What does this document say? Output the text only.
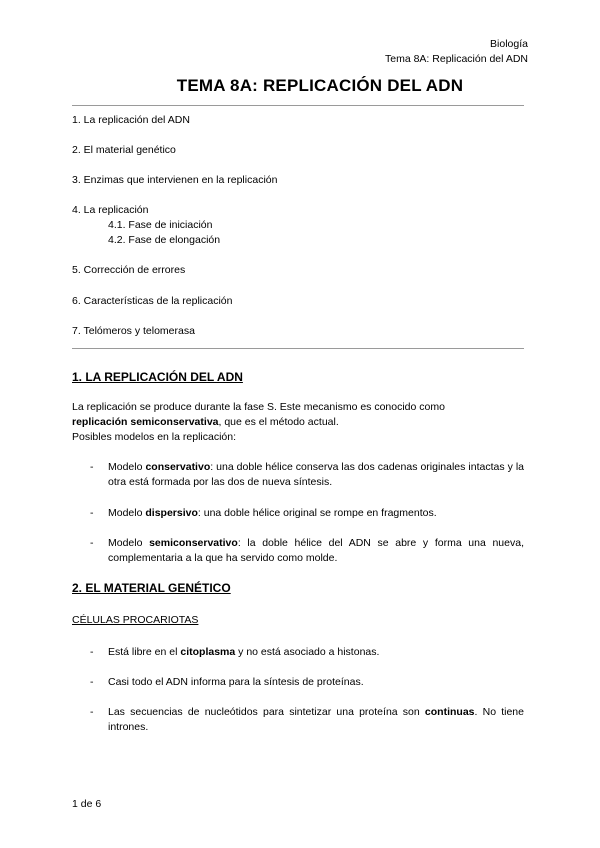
Biología
Tema 8A: Replicación del ADN
TEMA 8A: REPLICACIÓN DEL ADN
1. La replicación del ADN
2. El material genético
3. Enzimas que intervienen en la replicación
4. La replicación
4.1. Fase de iniciación
4.2. Fase de elongación
5. Corrección de errores
6. Características de la replicación
7. Telómeros y telomerasa
1. LA REPLICACIÓN DEL ADN
La replicación se produce durante la fase S. Este mecanismo es conocido como
replicación semiconservativa, que es el método actual.
Posibles modelos en la replicación:
- Modelo conservativo: una doble hélice conserva las dos cadenas originales intactas y la otra está formada por las dos de nueva síntesis.
- Modelo dispersivo: una doble hélice original se rompe en fragmentos.
- Modelo semiconservativo: la doble hélice del ADN se abre y forma una nueva, complementaria a la que ha servido como molde.
2. EL MATERIAL GENÉTICO
CÉLULAS PROCARIOTAS
- Está libre en el citoplasma y no está asociado a histonas.
- Casi todo el ADN informa para la síntesis de proteínas.
- Las secuencias de nucleótidos para sintetizar una proteína son continuas. No tiene intrones.
1 de 6
